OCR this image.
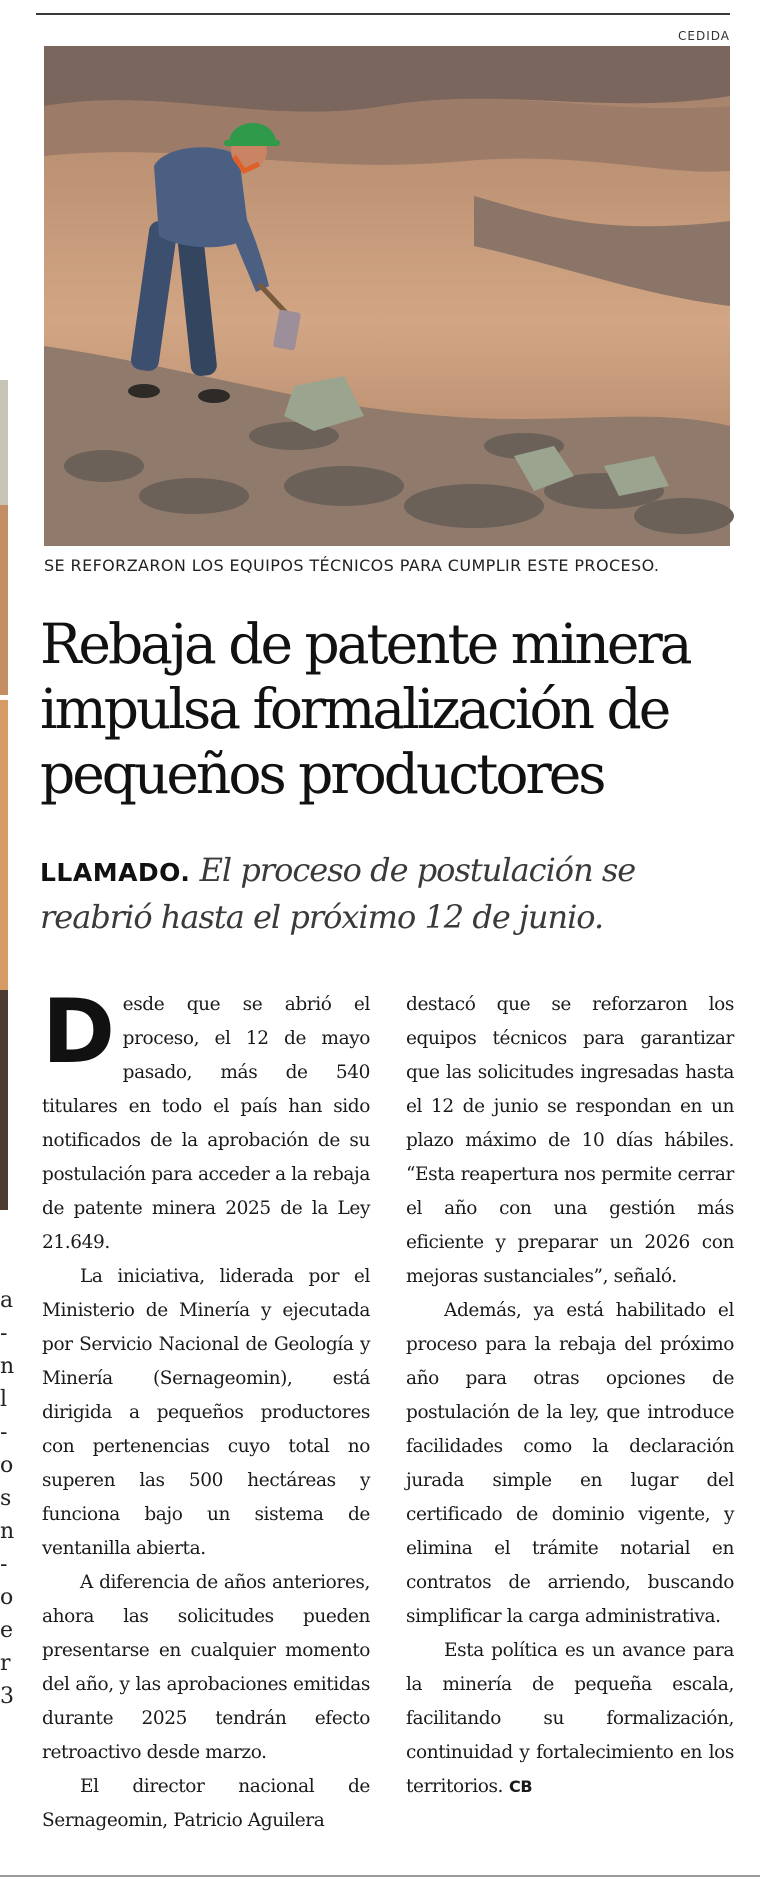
CEDIDA
SE REFORZARON LOS EQUIPOS TÉCNICOS PARA CUMPLIR ESTE PROCESO.
a
-
n
l
-
o
s
n
-
o
e
r
3
Rebaja de patente minera
impulsa formalización de
pequeños productores
LLAMADO. El proceso de postulación se reabrió hasta el próximo 12 de junio.

Desde que se abrió el proceso, el 12 de mayo pasado, más de 540 titulares en todo el país han sido notificados de la aprobación de su postulación para acceder a la rebaja de patente minera 2025 de la Ley 21.649.

La iniciativa, liderada por el Ministerio de Minería y ejecutada por Servicio Nacional de Geología y Minería (Sernageomin), está dirigida a pequeños productores con pertenencias cuyo total no superen las 500 hectáreas y funciona bajo un sistema de ventanilla abierta.

A diferencia de años anteriores, ahora las solicitudes pueden presentarse en cualquier momento del año, y las aprobaciones emitidas durante 2025 tendrán efecto retroactivo desde marzo.

El director nacional de Sernageomin, Patricio Aguilera

destacó que se reforzaron los equipos técnicos para garantizar que las solicitudes ingresadas hasta el 12 de junio se respondan en un plazo máximo de 10 días hábiles. “Esta reapertura nos permite cerrar el año con una gestión más eficiente y preparar un 2026 con mejoras sustanciales”, señaló.

Además, ya está habilitado el proceso para la rebaja del próximo año para otras opciones de postulación de la ley, que introduce facilidades como la declaración jurada simple en lugar del certificado de dominio vigente, y elimina el trámite notarial en contratos de arriendo, buscando simplificar la carga administrativa.

Esta política es un avance para la minería de pequeña escala, facilitando su formalización, continuidad y fortalecimiento en los territorios. CB
